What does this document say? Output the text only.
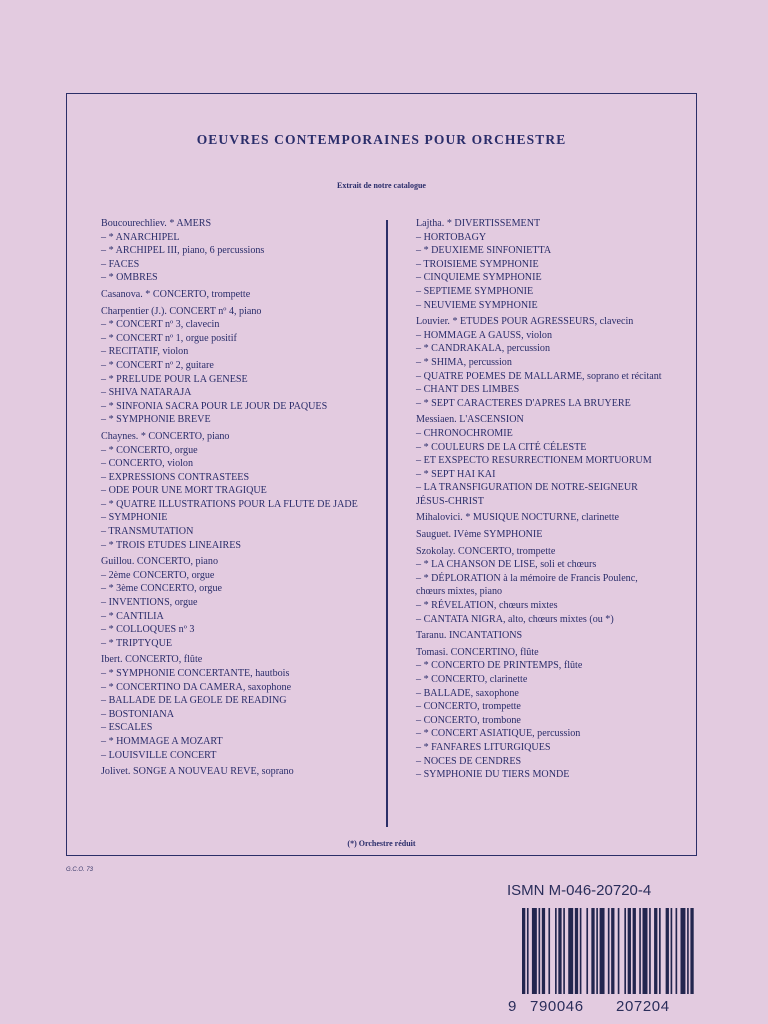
OEUVRES CONTEMPORAINES POUR ORCHESTRE
Extrait de notre catalogue
Boucourechliev. * AMERS
– * ANARCHIPEL
– * ARCHIPEL III, piano, 6 percussions
– FACES
– * OMBRES
Casanova. * CONCERTO, trompette
Charpentier (J.). CONCERT nº 4, piano
– * CONCERT nº 3, clavecin
– * CONCERT nº 1, orgue positif
– RECITATIF, violon
– * CONCERT nº 2, guitare
– * PRELUDE POUR LA GENESE
– SHIVA NATARAJA
– * SINFONIA SACRA POUR LE JOUR DE PAQUES
– * SYMPHONIE BREVE
Chaynes. * CONCERTO, piano
– * CONCERTO, orgue
– CONCERTO, violon
– EXPRESSIONS CONTRASTEES
– ODE POUR UNE MORT TRAGIQUE
– * QUATRE ILLUSTRATIONS POUR LA FLUTE DE JADE
– SYMPHONIE
– TRANSMUTATION
– * TROIS ETUDES LINEAIRES
Guillou. CONCERTO, piano
– 2ème CONCERTO, orgue
– * 3ème CONCERTO, orgue
– INVENTIONS, orgue
– * CANTILIA
– * COLLOQUES nº 3
– * TRIPTYQUE
Ibert. CONCERTO, flûte
– * SYMPHONIE CONCERTANTE, hautbois
– * CONCERTINO DA CAMERA, saxophone
– BALLADE DE LA GEOLE DE READING
– BOSTONIANA
– ESCALES
– * HOMMAGE A MOZART
– LOUISVILLE CONCERT
Jolivet. SONGE A NOUVEAU REVE, soprano
Lajtha. * DIVERTISSEMENT
– HORTOBAGY
– * DEUXIEME SINFONIETTA
– TROISIEME SYMPHONIE
– CINQUIEME SYMPHONIE
– SEPTIEME SYMPHONIE
– NEUVIEME SYMPHONIE
Louvier. * ETUDES POUR AGRESSEURS, clavecin
– HOMMAGE A GAUSS, violon
– * CANDRAKALA, percussion
– * SHIMA, percussion
– QUATRE POEMES DE MALLARME, soprano et récitant
– CHANT DES LIMBES
– * SEPT CARACTERES D'APRES LA BRUYERE
Messiaen. L'ASCENSION
– CHRONOCHROMIE
– * COULEURS DE LA CITÉ CÉLESTE
– ET EXSPECTO RESURRECTIONEM MORTUORUM
– * SEPT HAI KAI
– LA TRANSFIGURATION DE NOTRE-SEIGNEUR JÉSUS-CHRIST
Mihalovici. * MUSIQUE NOCTURNE, clarinette
Sauguet. IVème SYMPHONIE
Szokolay. CONCERTO, trompette
– * LA CHANSON DE LISE, soli et chœurs
– * DÉPLORATION à la mémoire de Francis Poulenc, chœurs mixtes, piano
– * RÉVELATION, chœurs mixtes
– CANTATA NIGRA, alto, chœurs mixtes (ou *)
Taranu. INCANTATIONS
Tomasi. CONCERTINO, flûte
– * CONCERTO DE PRINTEMPS, flûte
– * CONCERTO, clarinette
– BALLADE, saxophone
– CONCERTO, trompette
– CONCERTO, trombone
– * CONCERT ASIATIQUE, percussion
– * FANFARES LITURGIQUES
– NOCES DE CENDRES
– SYMPHONIE DU TIERS MONDE
(*) Orchestre réduit
G.C.O. 73
ISMN M-046-20720-4
9 790046 207204
